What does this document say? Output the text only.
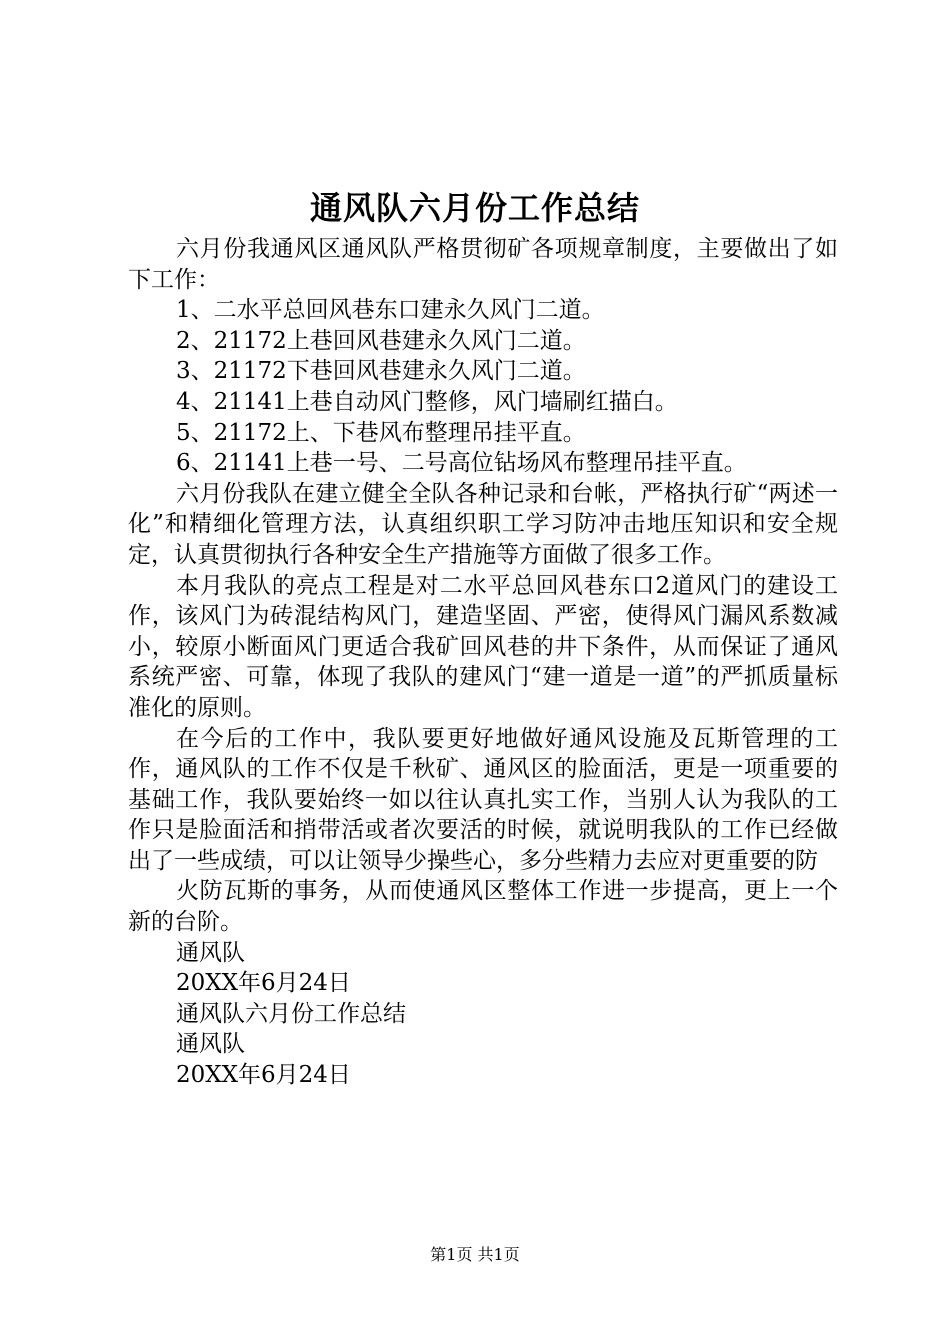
通风队六月份工作总结

六月份我通风区通风队严格贯彻矿各项规章制度，主要做出了如下工作：

1、二水平总回风巷东口建永久风门二道。

2、21172上巷回风巷建永久风门二道。

3、21172下巷回风巷建永久风门二道。

4、21141上巷自动风门整修，风门墙刷红描白。

5、21172上、下巷风布整理吊挂平直。

6、21141上巷一号、二号高位钻场风布整理吊挂平直。

六月份我队在建立健全全队各种记录和台帐，严格执行矿“两述一化”和精细化管理方法，认真组织职工学习防冲击地压知识和安全规定，认真贯彻执行各种安全生产措施等方面做了很多工作。

本月我队的亮点工程是对二水平总回风巷东口2道风门的建设工作，该风门为砖混结构风门，建造坚固、严密，使得风门漏风系数减小，较原小断面风门更适合我矿回风巷的井下条件，从而保证了通风系统严密、可靠，体现了我队的建风门“建一道是一道”的严抓质量标准化的原则。

在今后的工作中，我队要更好地做好通风设施及瓦斯管理的工作，通风队的工作不仅是千秋矿、通风区的脸面活，更是一项重要的基础工作，我队要始终一如以往认真扎实工作，当别人认为我队的工作只是脸面活和捎带活或者次要活的时候，就说明我队的工作已经做出了一些成绩，可以让领导少操些心，多分些精力去应对更重要的防

火防瓦斯的事务，从而使通风区整体工作进一步提高，更上一个新的台阶。

通风队

20XX年6月24日

通风队六月份工作总结

通风队

20XX年6月24日

第1页 共1页
